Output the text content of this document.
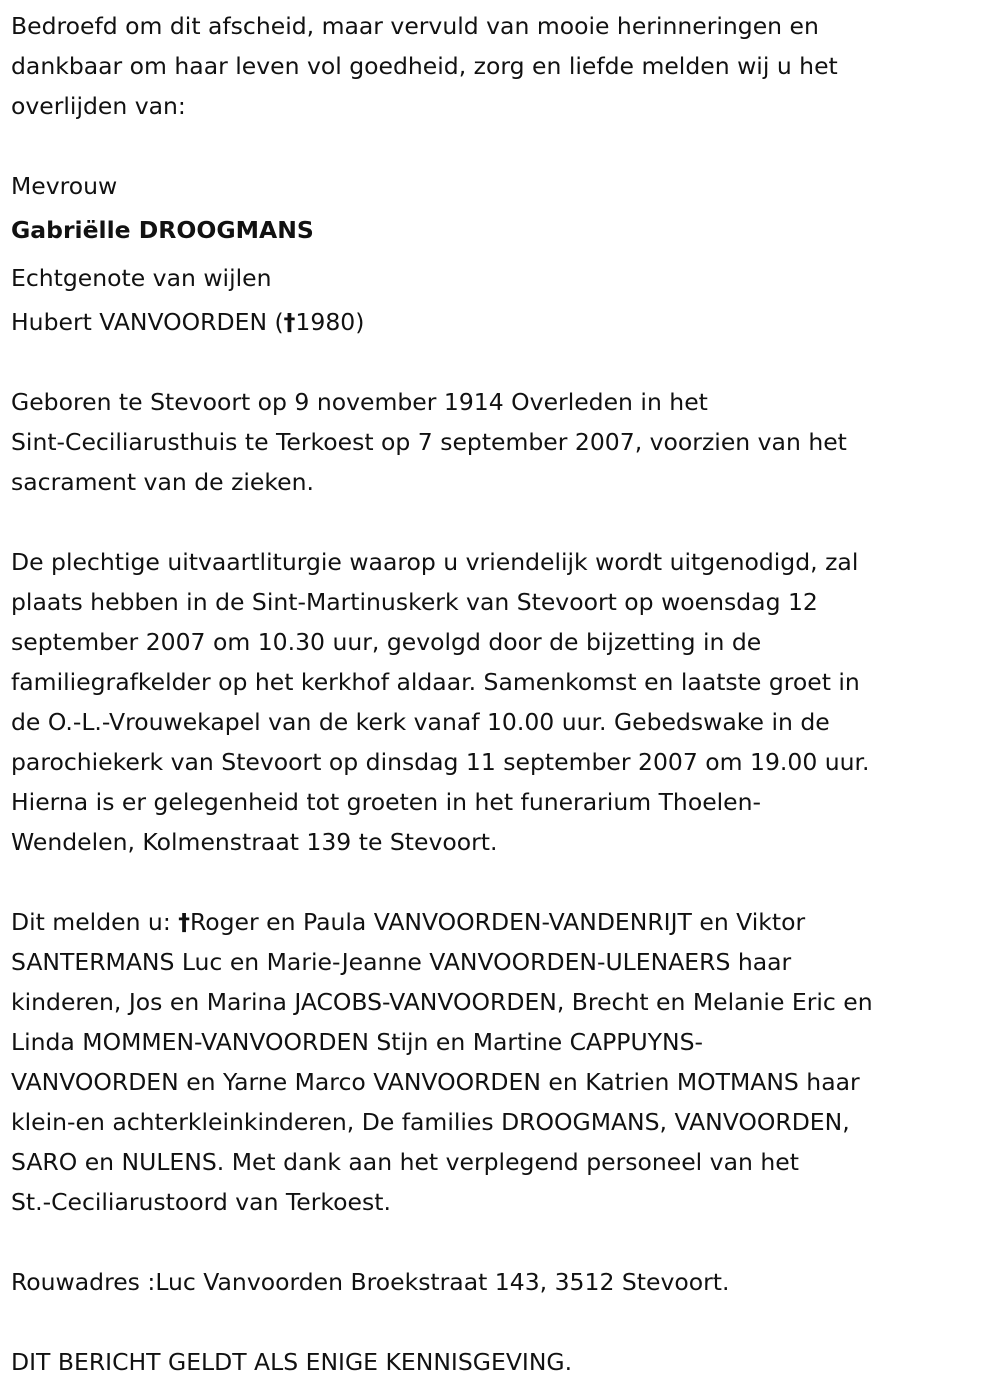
Bedroefd om dit afscheid, maar vervuld van mooie herinneringen en
dankbaar om haar leven vol goedheid, zorg en liefde melden wij u het
overlijden van:
Mevrouw
Gabriëlle DROOGMANS
Echtgenote van wijlen
Hubert VANVOORDEN (†1980)
Geboren te Stevoort op 9 november 1914 Overleden in het
Sint-Ceciliarusthuis te Terkoest op 7 september 2007, voorzien van het
sacrament van de zieken.
De plechtige uitvaartliturgie waarop u vriendelijk wordt uitgenodigd, zal
plaats hebben in de Sint-Martinuskerk van Stevoort op woensdag 12
september 2007 om 10.30 uur, gevolgd door de bijzetting in de
familiegrafkelder op het kerkhof aldaar. Samenkomst en laatste groet in
de O.-L.-Vrouwekapel van de kerk vanaf 10.00 uur. Gebedswake in de
parochiekerk van Stevoort op dinsdag 11 september 2007 om 19.00 uur.
Hierna is er gelegenheid tot groeten in het funerarium Thoelen-
Wendelen, Kolmenstraat 139 te Stevoort.
Dit melden u: †Roger en Paula VANVOORDEN-VANDENRIJT en Viktor
SANTERMANS Luc en Marie-Jeanne VANVOORDEN-ULENAERS haar
kinderen, Jos en Marina JACOBS-VANVOORDEN, Brecht en Melanie Eric en
Linda MOMMEN-VANVOORDEN Stijn en Martine CAPPUYNS-
VANVOORDEN en Yarne Marco VANVOORDEN en Katrien MOTMANS haar
klein-en achterkleinkinderen, De families DROOGMANS, VANVOORDEN,
SARO en NULENS. Met dank aan het verplegend personeel van het
St.-Ceciliarustoord van Terkoest.
Rouwadres :Luc Vanvoorden Broekstraat 143, 3512 Stevoort.
DIT BERICHT GELDT ALS ENIGE KENNISGEVING.
